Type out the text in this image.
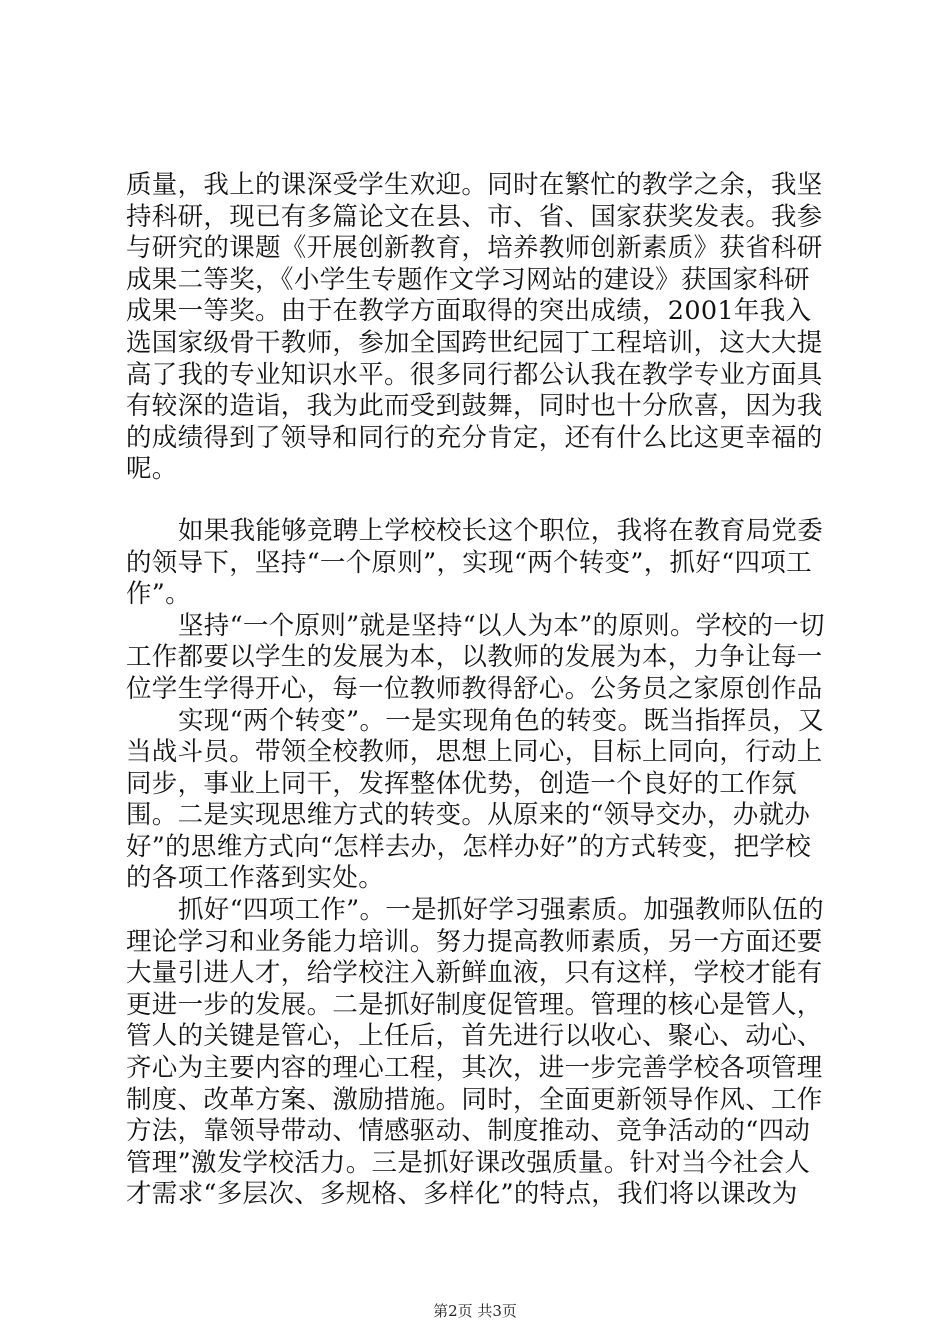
质量，我上的课深受学生欢迎。同时在繁忙的教学之余，我坚持科研，现已有多篇论文在县、市、省、国家获奖发表。我参与研究的课题《开展创新教育，培养教师创新素质》获省科研成果二等奖，《小学生专题作文学习网站的建设》获国家科研成果一等奖。由于在教学方面取得的突出成绩，2001年我入选国家级骨干教师，参加全国跨世纪园丁工程培训，这大大提高了我的专业知识水平。很多同行都公认我在教学专业方面具有较深的造诣，我为此而受到鼓舞，同时也十分欣喜，因为我的成绩得到了领导和同行的充分肯定，还有什么比这更幸福的呢。

如果我能够竞聘上学校校长这个职位，我将在教育局党委的领导下，坚持“一个原则”，实现“两个转变”，抓好“四项工作”。

坚持“一个原则”就是坚持“以人为本”的原则。学校的一切工作都要以学生的发展为本，以教师的发展为本，力争让每一位学生学得开心，每一位教师教得舒心。公务员之家原创作品

实现“两个转变”。一是实现角色的转变。既当指挥员，又当战斗员。带领全校教师，思想上同心，目标上同向，行动上同步，事业上同干，发挥整体优势，创造一个良好的工作氛围。二是实现思维方式的转变。从原来的“领导交办，办就办好”的思维方式向“怎样去办，怎样办好”的方式转变，把学校的各项工作落到实处。

抓好“四项工作”。一是抓好学习强素质。加强教师队伍的理论学习和业务能力培训。努力提高教师素质，另一方面还要大量引进人才，给学校注入新鲜血液，只有这样，学校才能有更进一步的发展。二是抓好制度促管理。管理的核心是管人，管人的关键是管心，上任后，首先进行以收心、聚心、动心、齐心为主要内容的理心工程，其次，进一步完善学校各项管理制度、改革方案、激励措施。同时，全面更新领导作风、工作方法，靠领导带动、情感驱动、制度推动、竞争活动的“四动管理”激发学校活力。三是抓好课改强质量。针对当今社会人才需求“多层次、多规格、多样化”的特点，我们将以课改为

第2页 共3页
